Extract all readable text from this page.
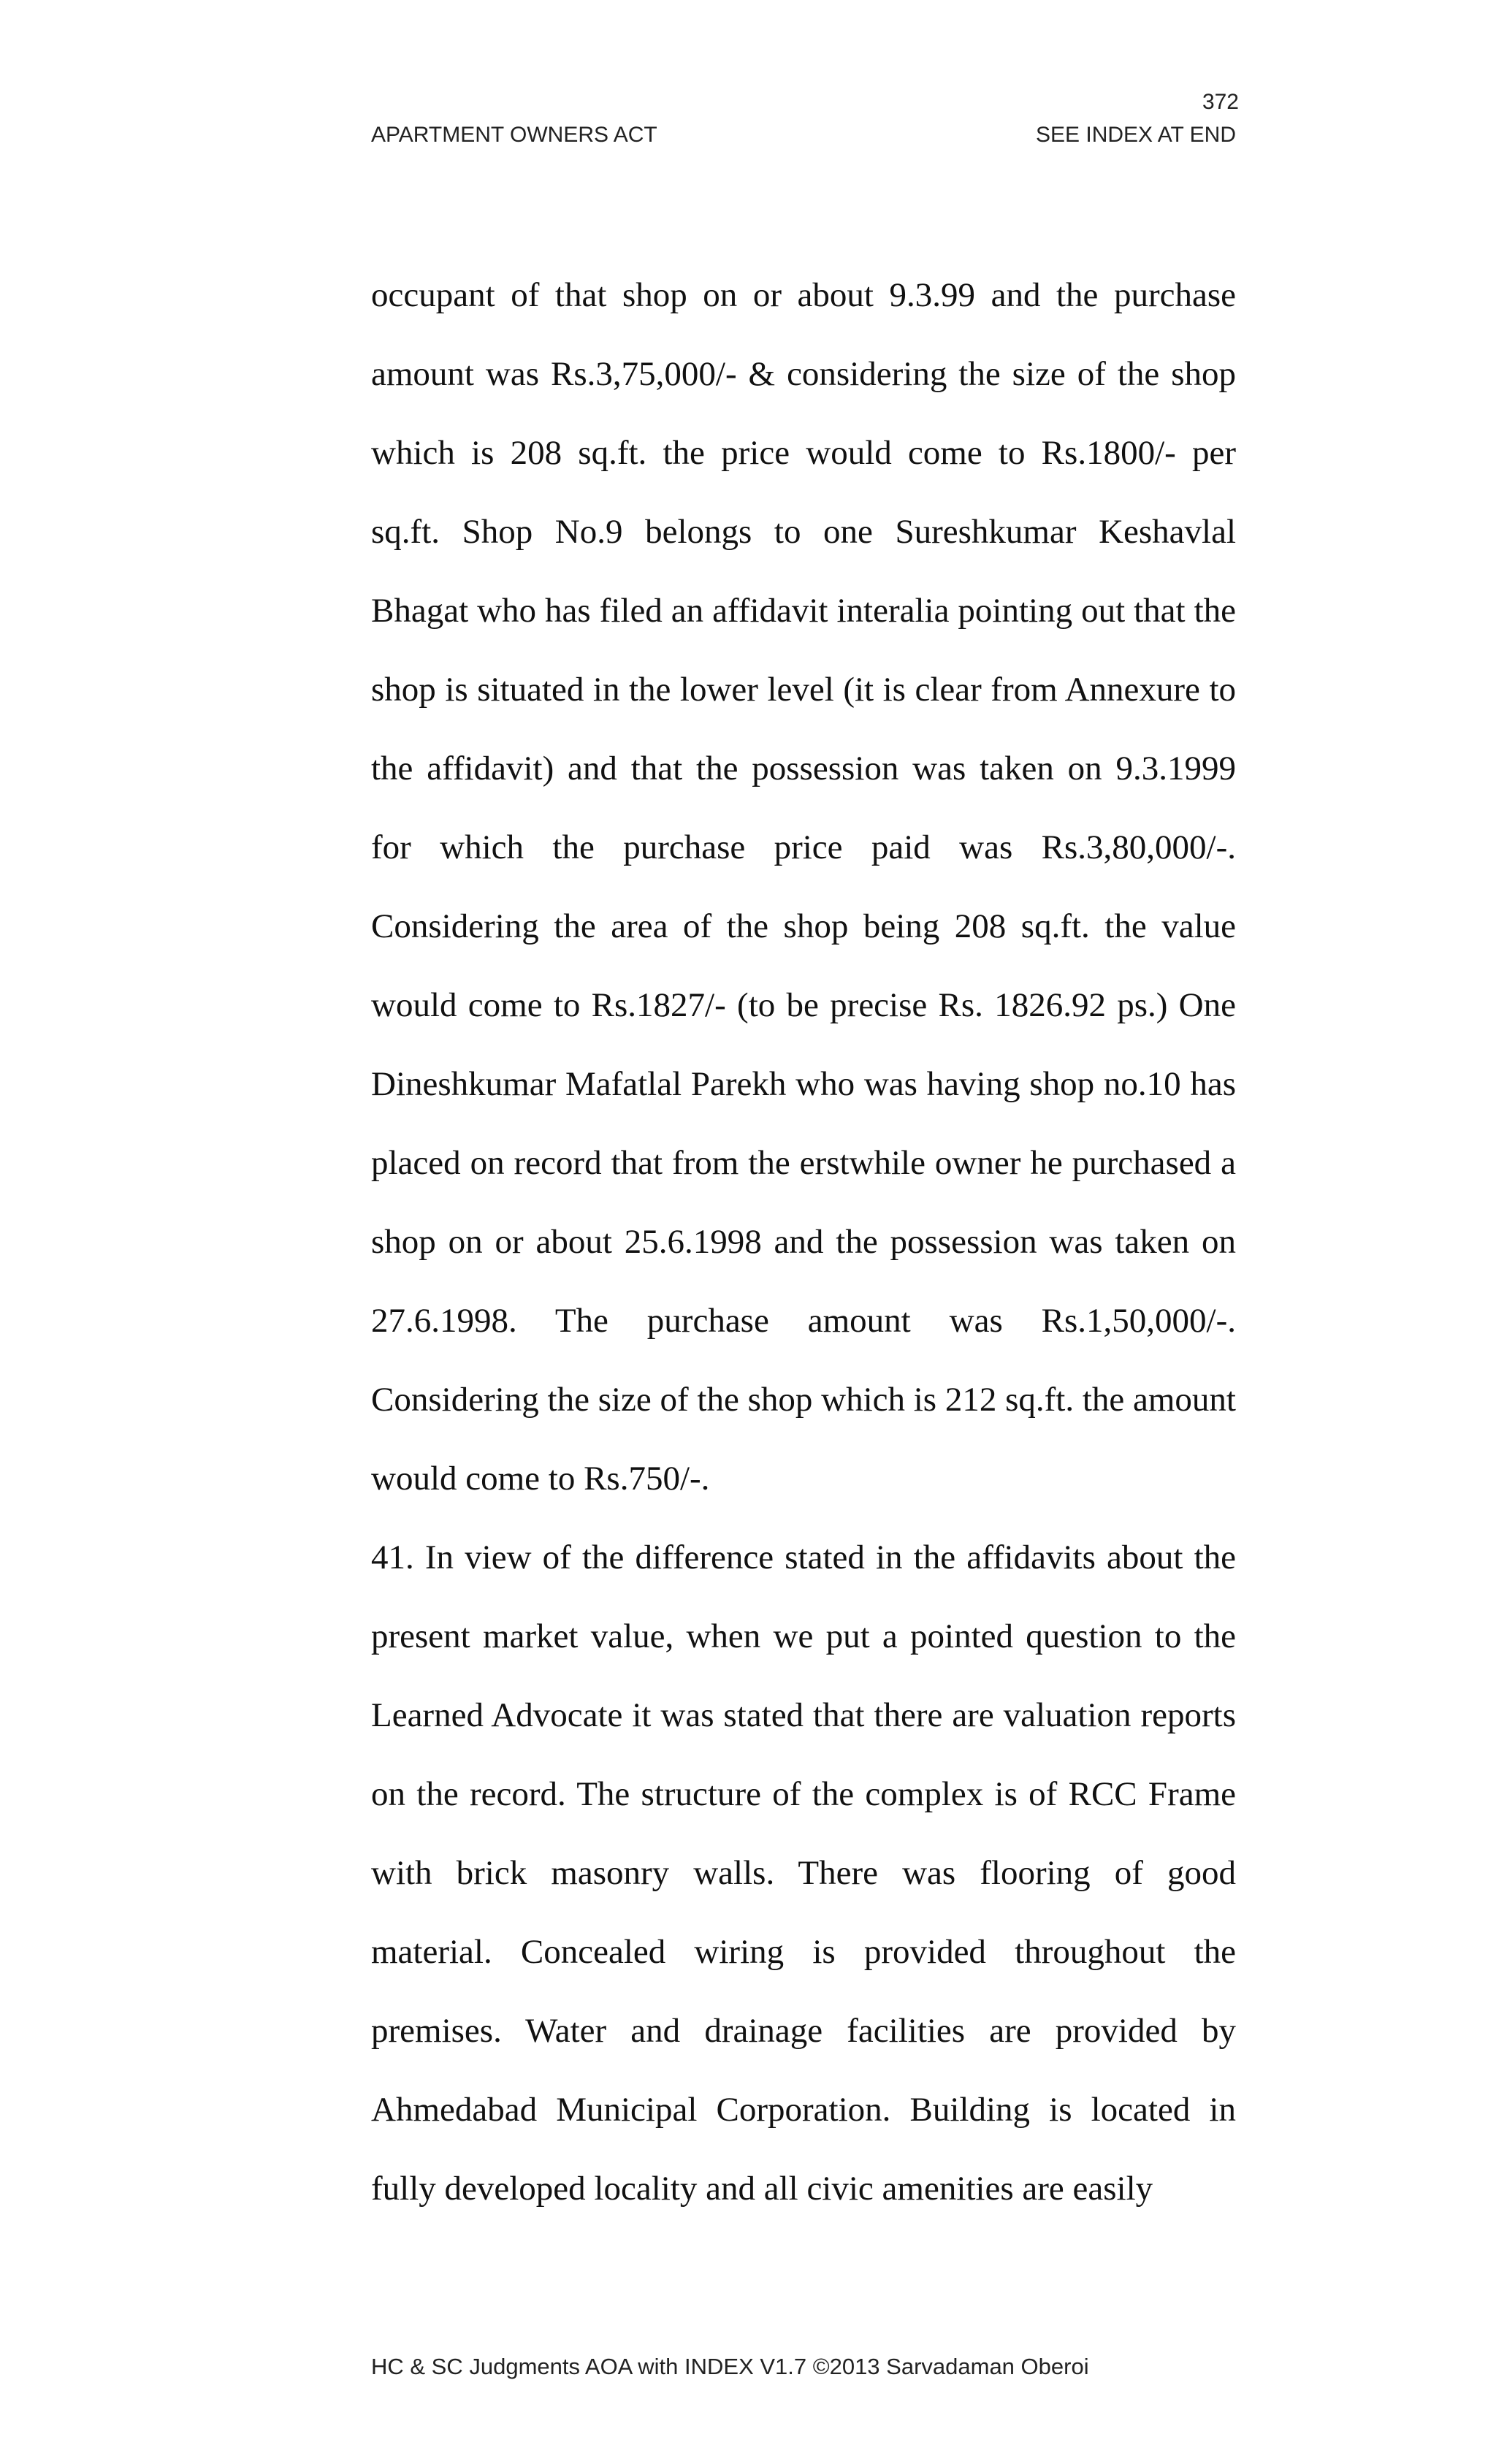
372
APARTMENT OWNERS ACT	SEE INDEX AT END

occupant of that shop on or about 9.3.99 and the purchase amount was Rs.3,75,000/- & considering the size of the shop which is 208 sq.ft. the price would come to Rs.1800/- per sq.ft. Shop No.9 belongs to one Sureshkumar Keshavlal Bhagat who has filed an affidavit interalia pointing out that the shop is situated in the lower level (it is clear from Annexure to the affidavit) and that the possession was taken on 9.3.1999 for which the purchase price paid was Rs.3,80,000/-. Considering the area of the shop being 208 sq.ft. the value would come to Rs.1827/- (to be precise Rs. 1826.92 ps.) One Dineshkumar Mafatlal Parekh who was having shop no.10 has placed on record that from the erstwhile owner he purchased a shop on or about 25.6.1998 and the possession was taken on 27.6.1998. The purchase amount was Rs.1,50,000/-. Considering the size of the shop which is 212 sq.ft. the amount would come to Rs.750/-.

41. In view of the difference stated in the affidavits about the present market value, when we put a pointed question to the Learned Advocate it was stated that there are valuation reports on the record. The structure of the complex is of RCC Frame with brick masonry walls. There was flooring of good material. Concealed wiring is provided throughout the premises. Water and drainage facilities are provided by Ahmedabad Municipal Corporation. Building is located in fully developed locality and all civic amenities are easily

HC & SC Judgments AOA with INDEX V1.7 ©2013 Sarvadaman Oberoi
